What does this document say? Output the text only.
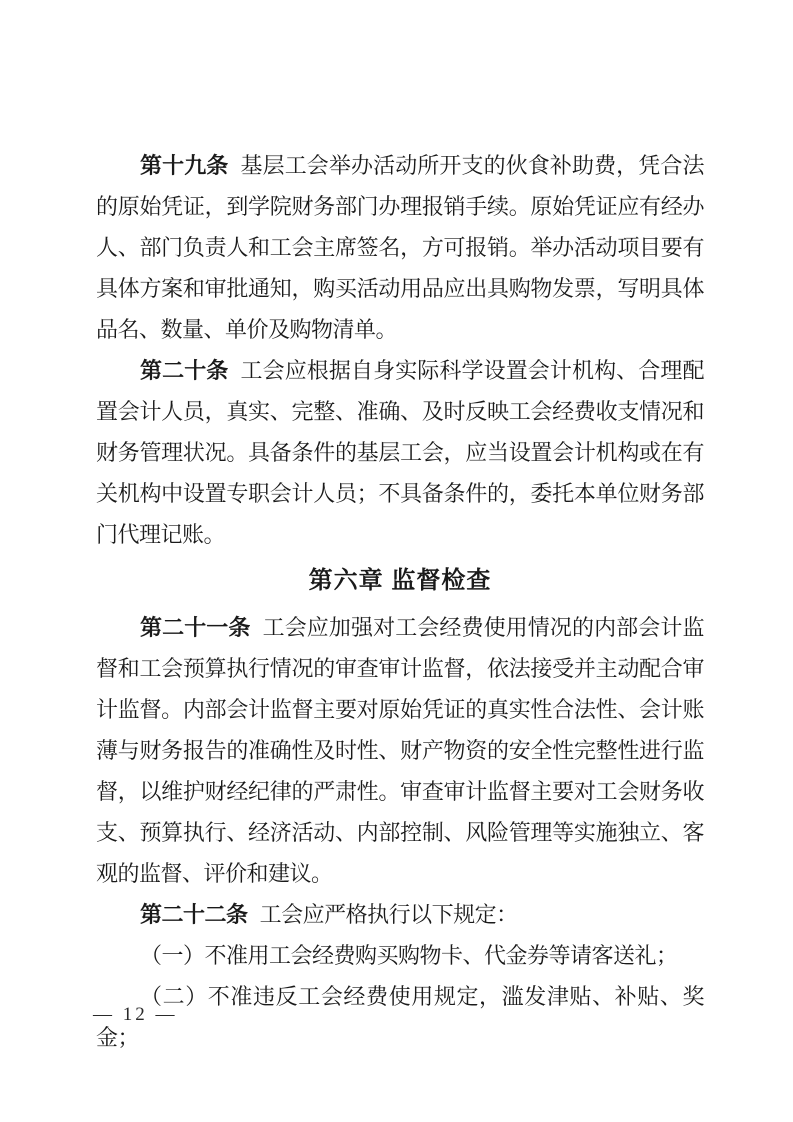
第十九条 基层工会举办活动所开支的伙食补助费，凭合法的原始凭证，到学院财务部门办理报销手续。原始凭证应有经办人、部门负责人和工会主席签名，方可报销。举办活动项目要有具体方案和审批通知，购买活动用品应出具购物发票，写明具体品名、数量、单价及购物清单。

第二十条 工会应根据自身实际科学设置会计机构、合理配置会计人员，真实、完整、准确、及时反映工会经费收支情况和财务管理状况。具备条件的基层工会，应当设置会计机构或在有关机构中设置专职会计人员；不具备条件的，委托本单位财务部门代理记账。

第六章 监督检查

第二十一条 工会应加强对工会经费使用情况的内部会计监督和工会预算执行情况的审查审计监督，依法接受并主动配合审计监督。内部会计监督主要对原始凭证的真实性合法性、会计账薄与财务报告的准确性及时性、财产物资的安全性完整性进行监督，以维护财经纪律的严肃性。审查审计监督主要对工会财务收支、预算执行、经济活动、内部控制、风险管理等实施独立、客观的监督、评价和建议。

第二十二条 工会应严格执行以下规定：

（一）不准用工会经费购买购物卡、代金券等请客送礼；

（二）不准违反工会经费使用规定，滥发津贴、补贴、奖金；

— 12 —
